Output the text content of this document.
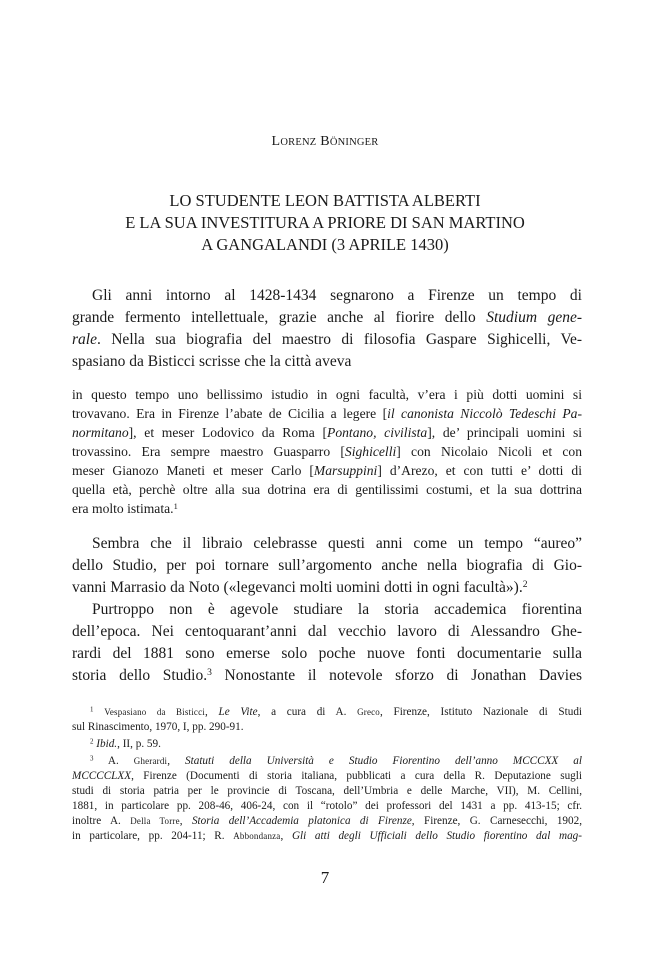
LORENZ BÖNINGER
LO STUDENTE LEON BATTISTA ALBERTI
E LA SUA INVESTITURA A PRIORE DI SAN MARTINO
A GANGALANDI (3 APRILE 1430)
Gli anni intorno al 1428-1434 segnarono a Firenze un tempo di
grande fermento intellettuale, grazie anche al fiorire dello Studium gene-
rale. Nella sua biografia del maestro di filosofia Gaspare Sighicelli, Ve-
spasiano da Bisticci scrisse che la città aveva
in questo tempo uno bellissimo istudio in ogni facultà, v’era i più dotti uomini si
trovavano. Era in Firenze l’abate de Cicilia a legere [il canonista Niccolò Tedeschi Pa-
normitano], et meser Lodovico da Roma [Pontano, civilista], de’ principali uomini si
trovassino. Era sempre maestro Guasparro [Sighicelli] con Nicolaio Nicoli et con
meser Gianozo Maneti et meser Carlo [Marsuppini] d’Arezo, et con tutti e’ dotti di
quella età, perchè oltre alla sua dotrina era di gentilissimi costumi, et la sua dottrina
era molto istimata.$^1$
Sembra che il libraio celebrasse questi anni come un tempo “aureo”
dello Studio, per poi tornare sull’argomento anche nella biografia di Gio-
vanni Marrasio da Noto («legevanci molti uomini dotti in ogni facultà»).$^2$
Purtroppo non è agevole studiare la storia accademica fiorentina
dell’epoca. Nei centoquarant’anni dal vecchio lavoro di Alessandro Ghe-
rardi del 1881 sono emerse solo poche nuove fonti documentarie sulla
storia dello Studio.$^3$ Nonostante il notevole sforzo di Jonathan Davies
$^1$ Vespasiano da Bisticci, Le Vite, a cura di A. Greco, Firenze, Istituto Nazionale di Studi
sul Rinascimento, 1970, I, pp. 290-91.
$^2$ Ibid., II, p. 59.
$^3$ A. Gherardi, Statuti della Università e Studio Fiorentino dell’anno MCCCXX al
MCCCCLXX, Firenze (Documenti di storia italiana, pubblicati a cura della R. Deputazione sugli
studi di storia patria per le provincie di Toscana, dell’Umbria e delle Marche, VII), M. Cellini,
1881, in particolare pp. 208-46, 406-24, con il “rotolo” dei professori del 1431 a pp. 413-15; cfr.
inoltre A. Della Torre, Storia dell’Accademia platonica di Firenze, Firenze, G. Carnesecchi, 1902,
in particolare, pp. 204-11; R. Abbondanza, Gli atti degli Ufficiali dello Studio fiorentino dal mag-
7
